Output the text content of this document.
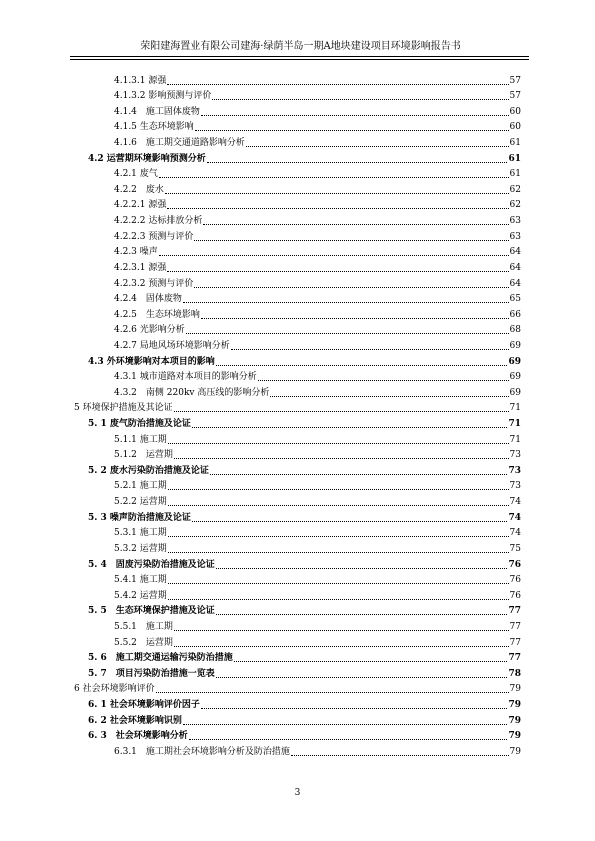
荣阳建海置业有限公司建海·绿荫半岛一期A地块建设项目环境影响报告书
4.1.3.1 源强	57
4.1.3.2 影响预测与评价	57
4.1.4　施工固体废物	60
4.1.5 生态环境影响	60
4.1.6　施工期交通道路影响分析	61
4.2 运营期环境影响预测分析	61
4.2.1 废气	61
4.2.2　废水	62
4.2.2.1 源强	62
4.2.2.2 达标排放分析	63
4.2.2.3 预测与评价	63
4.2.3 噪声	64
4.2.3.1 源强	64
4.2.3.2 预测与评价	64
4.2.4　固体废物	65
4.2.5　生态环境影响	66
4.2.6 光影响分析	68
4.2.7 局地风场环境影响分析	69
4.3 外环境影响对本项目的影响	69
4.3.1 城市道路对本项目的影响分析	69
4.3.2　南侧 220kv 高压线的影响分析	69
5 环境保护措施及其论证	71
5. 1 废气防治措施及论证	71
5.1.1 施工期	71
5.1.2　运营期	73
5. 2 废水污染防治措施及论证	73
5.2.1 施工期	73
5.2.2 运营期	74
5. 3 噪声防治措施及论证	74
5.3.1 施工期	74
5.3.2 运营期	75
5. 4　固废污染防治措施及论证	76
5.4.1 施工期	76
5.4.2 运营期	76
5. 5　生态环境保护措施及论证	77
5.5.1　施工期	77
5.5.2　运营期	77
5. 6　施工期交通运输污染防治措施	77
5. 7　项目污染防治措施一览表	78
6 社会环境影响评价	79
6. 1 社会环境影响评价因子	79
6. 2 社会环境影响识别	79
6. 3　社会环境影响分析	79
6.3.1　施工期社会环境影响分析及防治措施	79
3
